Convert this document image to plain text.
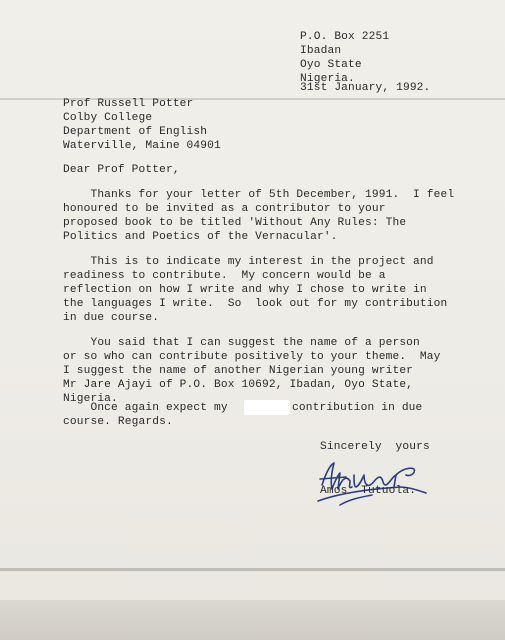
P.O. Box 2251
Ibadan
Oyo State
Nigeria.
31st January, 1992.
Prof Russell Potter
Colby College
Department of English
Waterville, Maine 04901
Dear Prof Potter,
Thanks for your letter of 5th December, 1991.  I feel
honoured to be invited as a contributor to your
proposed book to be titled 'Without Any Rules: The
Politics and Poetics of the Vernacular'.
This is to indicate my interest in the project and
readiness to contribute.  My concern would be a
reflection on how I write and why I chose to write in
the languages I write.  So  look out for my contribution
in due course.
You said that I can suggest the name of a person
or so who can contribute positively to your theme.  May
I suggest the name of another Nigerian young writer
Mr Jare Ajayi of P.O. Box 10692, Ibadan, Oyo State,
Nigeria.
Once again expect my	contribution in due
course. Regards.
Sincerely  yours
Amos  Tutuola.
